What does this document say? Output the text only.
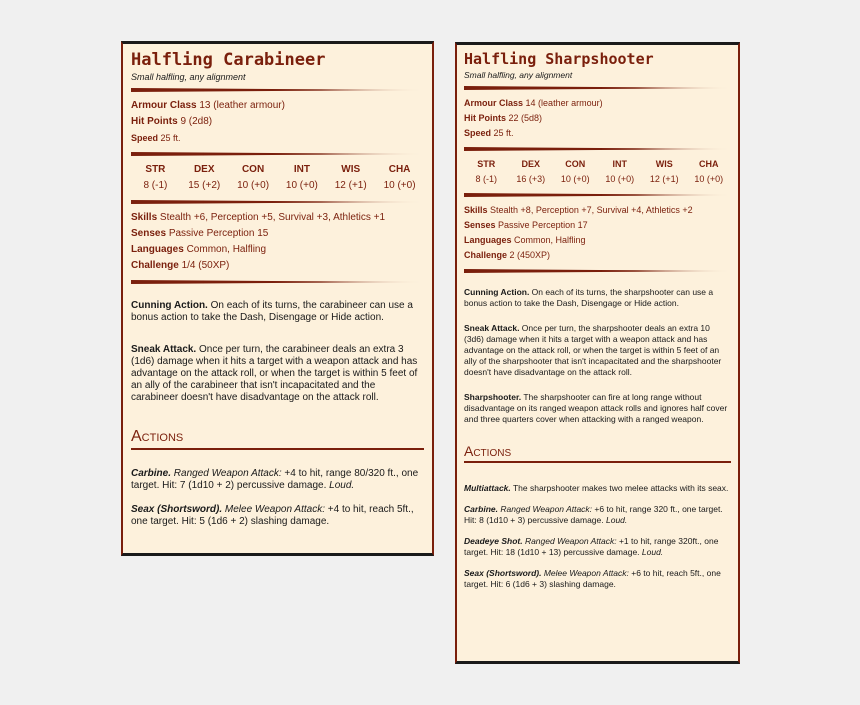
Halfling Carabineer

Small halfling, any alignment

Armour Class 13 (leather armour)

Hit Points 9 (2d8)

Speed 25 ft.

STR
8 (-1)
DEX
15 (+2)
CON
10 (+0)
INT
10 (+0)
WIS
12 (+1)
CHA
10 (+0)

Skills Stealth +6, Perception +5, Survival +3, Athletics +1

Senses Passive Perception 15

Languages Common, Halfling

Challenge 1/4 (50XP)

Cunning Action. On each of its turns, the carabineer can use a bonus action to take the Dash, Disengage or Hide action.

Sneak Attack. Once per turn, the carabineer deals an extra 3 (1d6) damage when it hits a target with a weapon attack and has advantage on the attack roll, or when the target is within 5 feet of an ally of the carabineer that isn't incapacitated and the carabineer doesn't have disadvantage on the attack roll.

Actions

Carbine. Ranged Weapon Attack: +4 to hit, range 80/320 ft., one target. Hit: 7 (1d10 + 2) percussive damage. Loud.

Seax (Shortsword). Melee Weapon Attack: +4 to hit, reach 5ft., one target. Hit: 5 (1d6 + 2) slashing damage.

Halfling Sharpshooter

Small halfling, any alignment

Armour Class 14 (leather armour)

Hit Points 22 (5d8)

Speed 25 ft.

STR
8 (-1)
DEX
16 (+3)
CON
10 (+0)
INT
10 (+0)
WIS
12 (+1)
CHA
10 (+0)

Skills Stealth +8, Perception +7, Survival +4, Athletics +2

Senses Passive Perception 17

Languages Common, Halfling

Challenge 2 (450XP)

Cunning Action. On each of its turns, the sharpshooter can use a bonus action to take the Dash, Disengage or Hide action.

Sneak Attack. Once per turn, the sharpshooter deals an extra 10 (3d6) damage when it hits a target with a weapon attack and has advantage on the attack roll, or when the target is within 5 feet of an ally of the sharpshooter that isn't incapacitated and the sharpshooter doesn't have disadvantage on the attack roll.

Sharpshooter. The sharpshooter can fire at long range without disadvantage on its ranged weapon attack rolls and ignores half cover and three quarters cover when attacking with a ranged weapon.

Actions

Multiattack. The sharpshooter makes two melee attacks with its seax.

Carbine. Ranged Weapon Attack: +6 to hit, range 320 ft., one target. Hit: 8 (1d10 + 3) percussive damage. Loud.

Deadeye Shot. Ranged Weapon Attack: +1 to hit, range 320ft., one target. Hit: 18 (1d10 + 13) percussive damage. Loud.

Seax (Shortsword). Melee Weapon Attack: +6 to hit, reach 5ft., one target. Hit: 6 (1d6 + 3) slashing damage.
